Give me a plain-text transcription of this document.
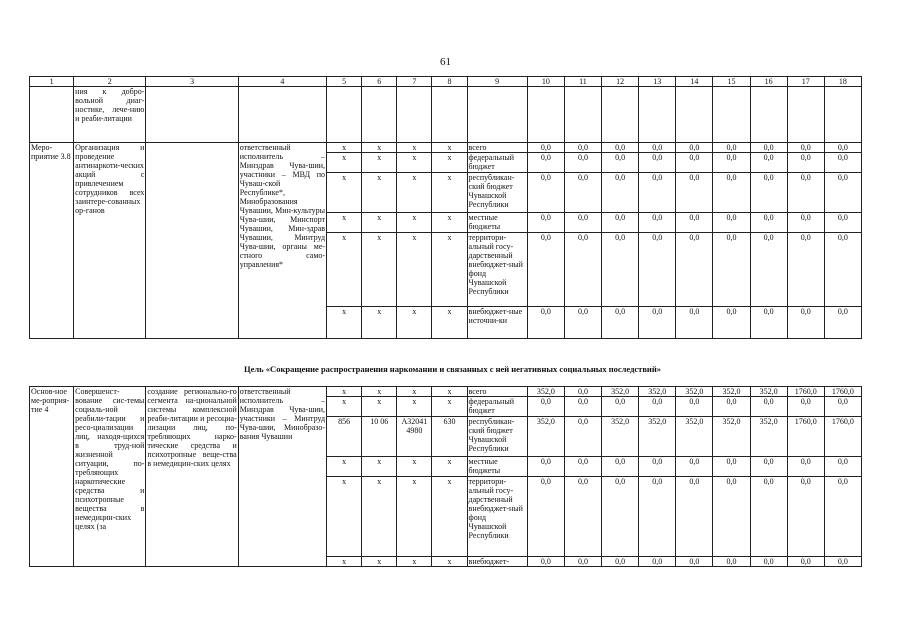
61
1	2	3	4	5	6	7	8	9	10	11	12	13	14	15	16	17	18
	ния к добро-вольной диаг-ностике, лече-нию и реаби-литации																
Меро-приятие 3.8	Организация и проведение антинаркоти-ческих акций с привлечением сотрудников всех заинтере-сованных ор-ганов		ответственный исполнитель – Минздрав Чува-шии, участники – МВД по Чуваш-ской Республике*, Минобразования Чувашии, Мин-культуры Чува-шии, Минспорт Чувашии, Мин-здрав Чувашии, Минтруд Чува-шии, органы ме-стного само-управления*	x	x	x	x	всего	0,0	0,0	0,0	0,0	0,0	0,0	0,0	0,0	0,0
				x	x	x	x	федеральный бюджет	0,0	0,0	0,0	0,0	0,0	0,0	0,0	0,0	0,0
				x	x	x	x	республикан-ский бюджет Чувашской Республики	0,0	0,0	0,0	0,0	0,0	0,0	0,0	0,0	0,0
				x	x	x	x	местные бюджеты	0,0	0,0	0,0	0,0	0,0	0,0	0,0	0,0	0,0
				x	x	x	x	территори-альный госу-дарственный внебюджет-ный фонд Чувашской Республики	0,0	0,0	0,0	0,0	0,0	0,0	0,0	0,0	0,0
				x	x	x	x	внебюджет-ные источни-ки	0,0	0,0	0,0	0,0	0,0	0,0	0,0	0,0	0,0
Цель «Сокращение распространения наркомании и связанных с ней негативных социальных последствий»
Основ-ное ме-роприя-тие 4	Совершенст-вование сис-темы социаль-ной реабили-тации и ресо-циализации лиц, находя-щихся в труд-ной жизненной ситуации, по-требляющих наркотические средства и психотропные вещества в немедицин-ских целях (за	создание регионально-го сегмента на-циональной системы комплексной реаби-литации и ресоциа-лизации лиц, по-требляющих нарко-тические средства и психотропные веще-ства в немедицин-ских целях	ответственный исполнитель – Минздрав Чува-шии, участники – Минтруд Чува-шии, Минобразо-вания Чувашии	x	x	x	x	всего	352,0	0,0	352,0	352,0	352,0	352,0	352,0	1760,0	1760,0
				x	x	x	x	федеральный бюджет	0,0	0,0	0,0	0,0	0,0	0,0	0,0	0,0	0,0
				856	10 06	А32041 4980	630	республикан-ский бюджет Чувашской Республики	352,0	0,0	352,0	352,0	352,0	352,0	352,0	1760,0	1760,0
				x	x	x	x	местные бюджеты	0,0	0,0	0,0	0,0	0,0	0,0	0,0	0,0	0,0
				x	x	x	x	территори-альный госу-дарственный внебюджет-ный фонд Чувашской Республики	0,0	0,0	0,0	0,0	0,0	0,0	0,0	0,0	0,0
				x	x	x	x	внебюджет-	0,0	0,0	0,0	0,0	0,0	0,0	0,0	0,0	0,0
